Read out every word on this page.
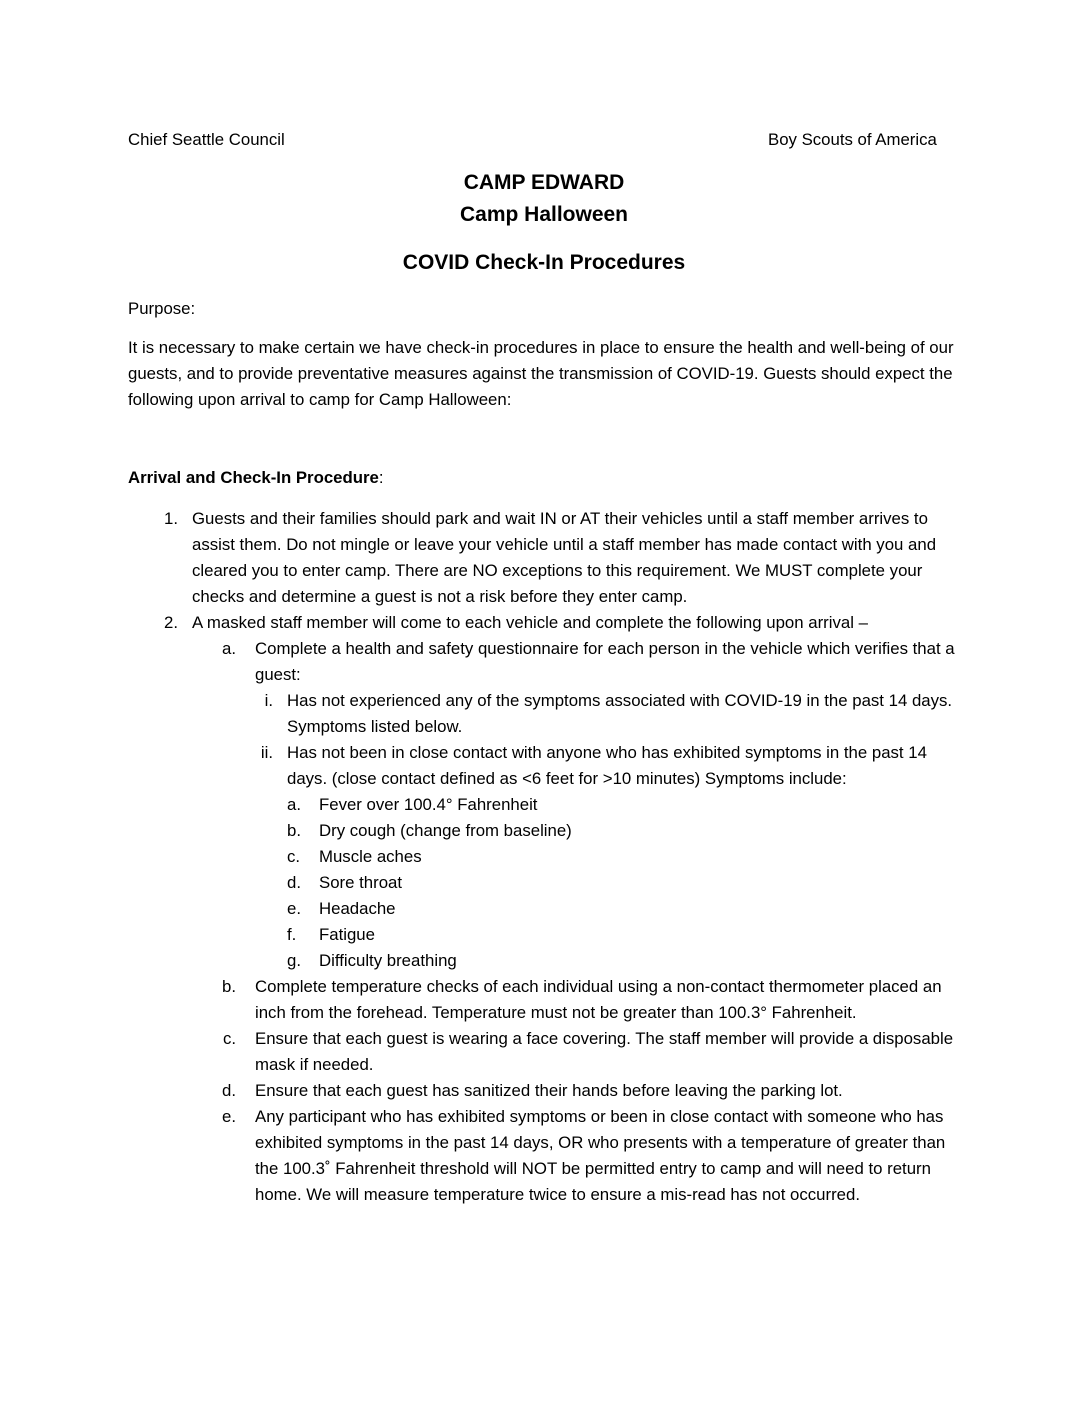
Chief Seattle Council	Boy Scouts of America
CAMP EDWARD
Camp Halloween
COVID Check-In Procedures
Purpose:
It is necessary to make certain we have check-in procedures in place to ensure the health and well-being of our guests, and to provide preventative measures against the transmission of COVID-19. Guests should expect the following upon arrival to camp for Camp Halloween:
Arrival and Check-In Procedure:
1. Guests and their families should park and wait IN or AT their vehicles until a staff member arrives to assist them. Do not mingle or leave your vehicle until a staff member has made contact with you and cleared you to enter camp. There are NO exceptions to this requirement. We MUST complete your checks and determine a guest is not a risk before they enter camp.
2. A masked staff member will come to each vehicle and complete the following upon arrival –
a.	Complete a health and safety questionnaire for each person in the vehicle which verifies that a guest:
i. Has not experienced any of the symptoms associated with COVID-19 in the past 14 days. Symptoms listed below.
ii. Has not been in close contact with anyone who has exhibited symptoms in the past 14 days. (close contact defined as <6 feet for >10 minutes) Symptoms include:
a.	Fever over 100.4° Fahrenheit
b.	Dry cough (change from baseline)
c.	Muscle aches
d.	Sore throat
e.	Headache
f.	Fatigue
g.	Difficulty breathing
b.	Complete temperature checks of each individual using a non-contact thermometer placed an inch from the forehead. Temperature must not be greater than 100.3° Fahrenheit.
c.	Ensure that each guest is wearing a face covering. The staff member will provide a disposable mask if needed.
d.	Ensure that each guest has sanitized their hands before leaving the parking lot.
e.	Any participant who has exhibited symptoms or been in close contact with someone who has exhibited symptoms in the past 14 days, OR who presents with a temperature of greater than the 100.3˚ Fahrenheit threshold will NOT be permitted entry to camp and will need to return home. We will measure temperature twice to ensure a mis-read has not occurred.
